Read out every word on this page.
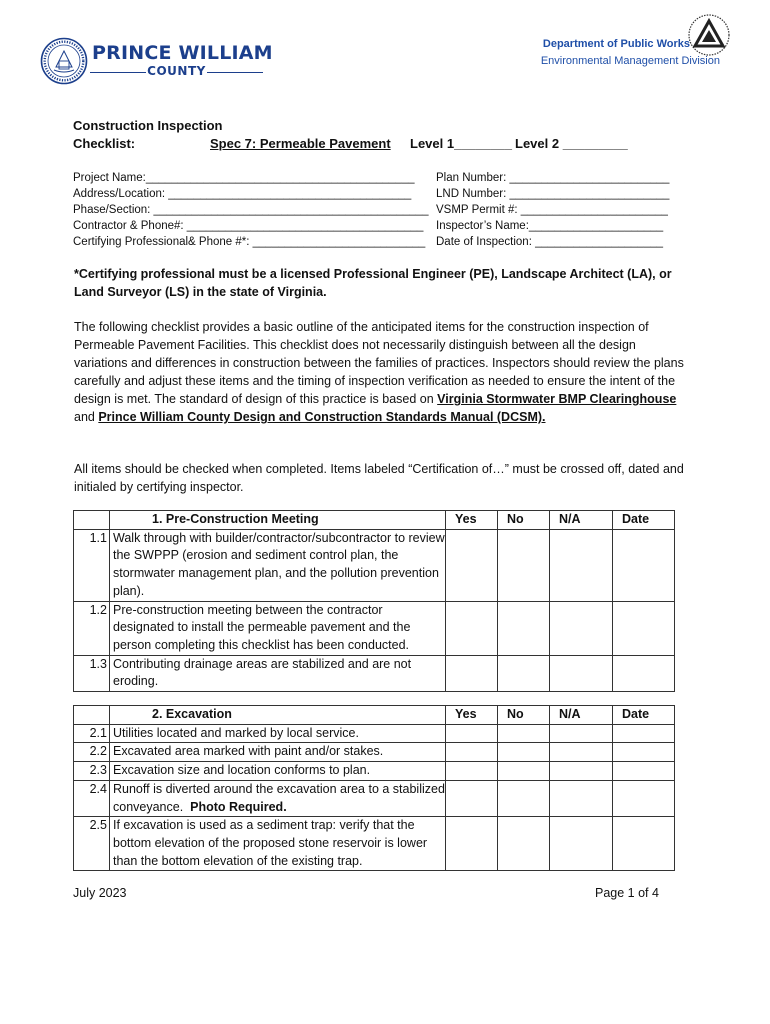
PRINCE WILLIAM
COUNTY
Department of Public Works
Environmental Management Division
Construction Inspection
Checklist:	Spec 7: Permeable Pavement Level 1________ Level 2 _________
Project Name:__________________________________________
Address/Location: ______________________________________
Phase/Section: ___________________________________________
Contractor & Phone#: _____________________________________
Certifying Professional& Phone #*: ___________________________
Plan Number: _________________________
LND Number: _________________________
VSMP Permit #: _______________________
Inspector’s Name:_____________________
Date of Inspection: ____________________
*Certifying professional must be a licensed Professional Engineer (PE), Landscape Architect (LA), or Land Surveyor (LS) in the state of Virginia.
The following checklist provides a basic outline of the anticipated items for the construction inspection of Permeable Pavement Facilities. This checklist does not necessarily distinguish between all the design variations and differences in construction between the families of practices. Inspectors should review the plans carefully and adjust these items and the timing of inspection verification as needed to ensure the intent of the design is met. The standard of design of this practice is based on Virginia Stormwater BMP Clearinghouse and Prince William County Design and Construction Standards Manual (DCSM).
All items should be checked when completed. Items labeled “Certification of…” must be crossed off, dated and initialed by certifying inspector.
	1. Pre-Construction Meeting	Yes	No	N/A	Date
1.1	Walk through with builder/contractor/subcontractor to review the SWPPP (erosion and sediment control plan, the stormwater management plan, and the pollution prevention plan).				
1.2	Pre-construction meeting between the contractor designated to install the permeable pavement and the person completing this checklist has been conducted.				
1.3	Contributing drainage areas are stabilized and are not eroding.				
	2. Excavation	Yes	No	N/A	Date
2.1	Utilities located and marked by local service.				
2.2	Excavated area marked with paint and/or stakes.				
2.3	Excavation size and location conforms to plan.				
2.4	Runoff is diverted around the excavation area to a stabilized conveyance. Photo Required.				
2.5	If excavation is used as a sediment trap: verify that the bottom elevation of the proposed stone reservoir is lower than the bottom elevation of the existing trap.				
July 2023	Page 1 of 4
